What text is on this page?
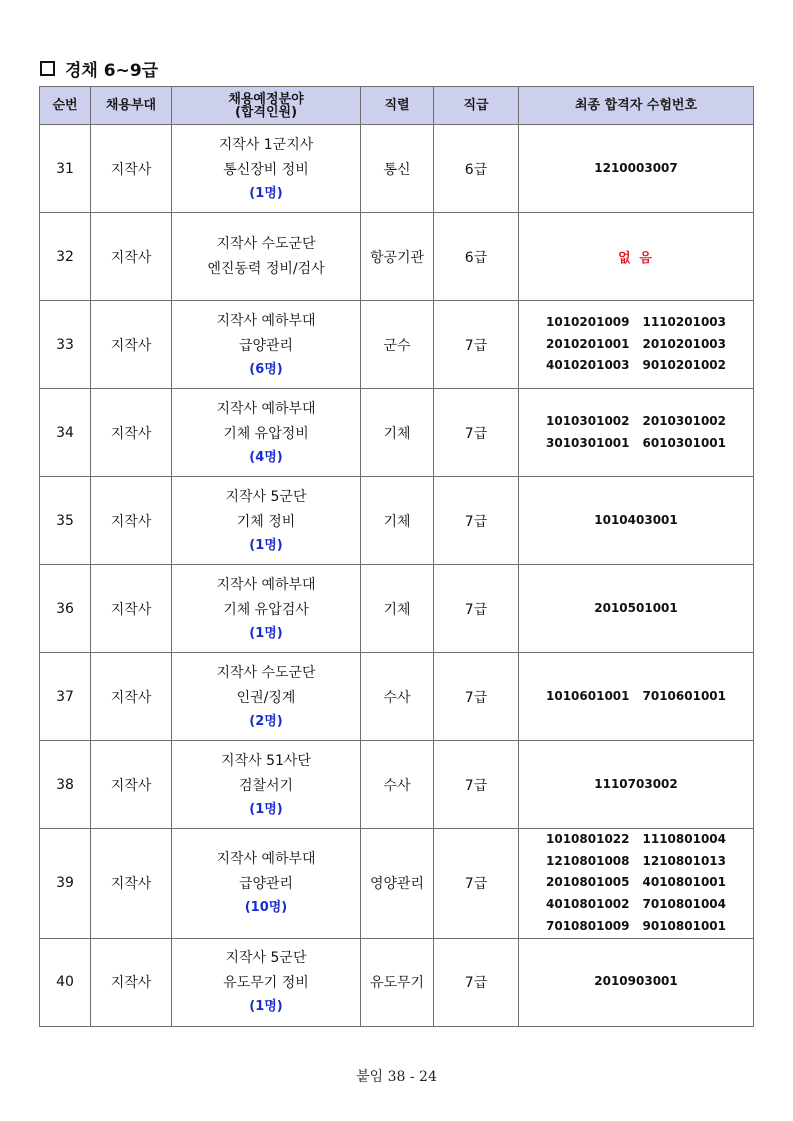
경채 6~9급
순번	채용부대	채용예정분야
(합격인원)	직렬	직급	최종 합격자 수험번호
31	지작사	지작사 1군지사
통신장비 정비
(1명)	통신	6급	1210003007

32	지작사	지작사 수도군단
엔진동력 정비/검사	항공기관	6급	없 음
33	지작사	지작사 예하부대
급양관리
(6명)	군수	7급	1010201009 1110201003
2010201001 2010201003
4010201003 9010201002

34	지작사	지작사 예하부대
기체 유압정비
(4명)	기체	7급	1010301002 2010301002
3010301001 6010301001

35	지작사	지작사 5군단
기체 정비
(1명)	기체	7급	1010403001

36	지작사	지작사 예하부대
기체 유압검사
(1명)	기체	7급	2010501001

37	지작사	지작사 수도군단
인권/징계
(2명)	수사	7급	1010601001 7010601001

38	지작사	지작사 51사단
검찰서기
(1명)	수사	7급	1110703002

39	지작사	지작사 예하부대
급양관리
(10명)	영양관리	7급	1010801022 1110801004
1210801008 1210801013
2010801005 4010801001
4010801002 7010801004
7010801009 9010801001

40	지작사	지작사 5군단
유도무기 정비
(1명)	유도무기	7급	2010903001
붙임 38 - 24
